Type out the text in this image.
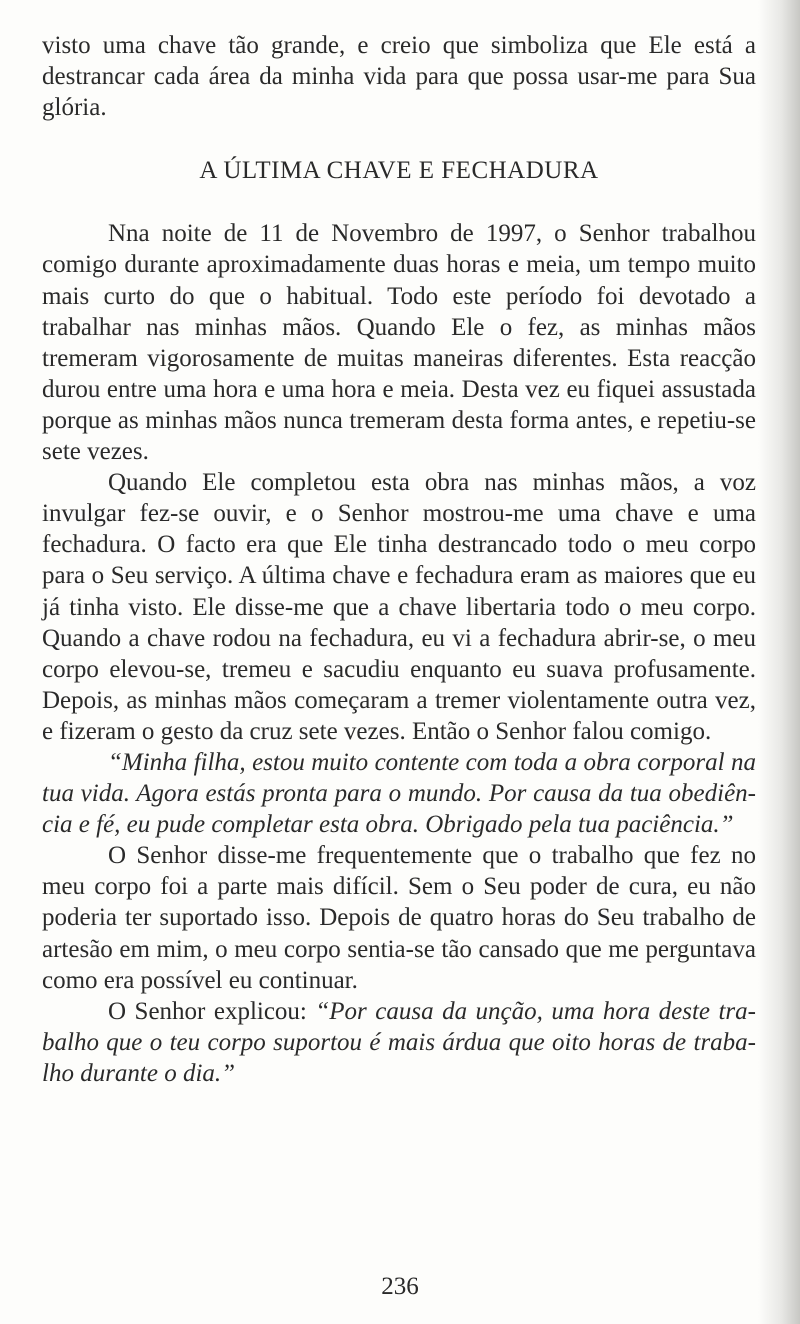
visto uma chave tão grande, e creio que simboliza que Ele está a destrancar cada área da minha vida para que possa usar-me para Sua glória.

A ÚLTIMA CHAVE E FECHADURA

Nna noite de 11 de Novembro de 1997, o Senhor trabalhou comigo durante aproximadamente duas horas e meia, um tempo muito mais curto do que o habitual. Todo este período foi devotado a trabalhar nas minhas mãos. Quando Ele o fez, as minhas mãos tremeram vigorosamente de muitas maneiras diferentes. Esta reacção durou entre uma hora e uma hora e meia. Desta vez eu fiquei assustada porque as minhas mãos nunca tremeram desta forma antes, e repetiu-se sete vezes.

Quando Ele completou esta obra nas minhas mãos, a voz invulgar fez-se ouvir, e o Senhor mostrou-me uma chave e uma fechadura. O facto era que Ele tinha destrancado todo o meu corpo para o Seu serviço. A última chave e fechadura eram as maiores que eu já tinha visto. Ele disse-me que a chave libertaria todo o meu corpo. Quando a chave rodou na fechadura, eu vi a fechadura abrir-se, o meu corpo elevou-se, tremeu e sacudiu enquanto eu suava profusamente. Depois, as minhas mãos começaram a tremer violentamente outra vez, e fizeram o gesto da cruz sete vezes. Então o Senhor falou comigo.

“Minha filha, estou muito contente com toda a obra corporal na tua vida. Agora estás pronta para o mundo. Por causa da tua obediência e fé, eu pude completar esta obra. Obrigado pela tua paciência.”

O Senhor disse-me frequentemente que o trabalho que fez no meu corpo foi a parte mais difícil. Sem o Seu poder de cura, eu não poderia ter suportado isso. Depois de quatro horas do Seu trabalho de artesão em mim, o meu corpo sentia-se tão cansado que me perguntava como era possível eu continuar.

O Senhor explicou: “Por causa da unção, uma hora deste trabalho que o teu corpo suportou é mais árdua que oito horas de trabalho durante o dia.”

236
